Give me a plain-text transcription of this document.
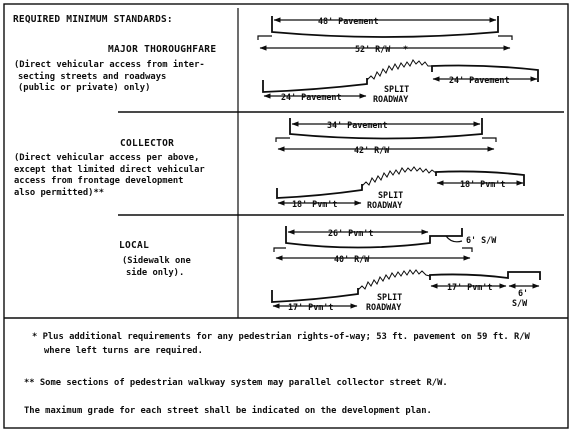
REQUIRED MINIMUM STANDARDS:
MAJOR THOROUGHFARE
(Direct vehicular access from inter-
secting streets and roadways
(public or private) only)
COLLECTOR
(Direct vehicular access per above,
except that limited direct vehicular
access from frontage development
also permitted)**
LOCAL
(Sidewalk one
side only).
* Plus additional requirements for any pedestrian rights-of-way; 53 ft. pavement on 59 ft. R/W
where left turns are required.
** Some sections of pedestrian walkway system may parallel collector street R/W.
The maximum grade for each street shall be indicated on the development plan.
48' Pavement
52' R/W *
24' Pavement
24' Pavement
SPLIT
ROADWAY
34' Pavement
42' R/W
18' Pvm't
18' Pvm't
SPLIT
ROADWAY
26' Pvm't
6' S/W
40' R/W
17' Pvm't
17' Pvm't
SPLIT
ROADWAY
6'
S/W
